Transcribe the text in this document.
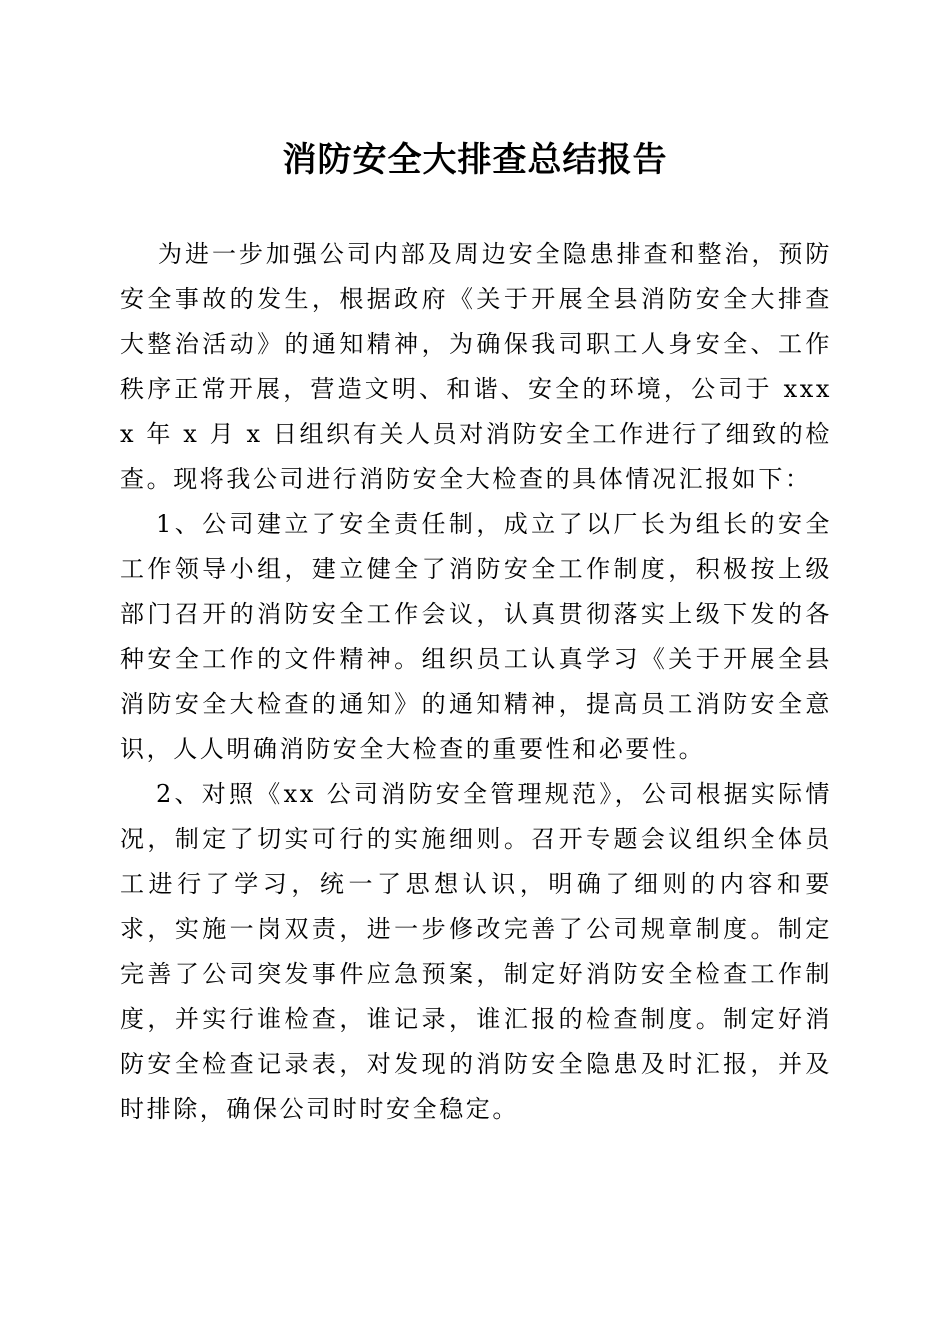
消防安全大排查总结报告

为进一步加强公司内部及周边安全隐患排查和整治，预防安全事故的发生，根据政府《关于开展全县消防安全大排查大整治活动》的通知精神，为确保我司职工人身安全、工作秩序正常开展，营造文明、和谐、安全的环境，公司于 xxxx 年 x 月 x 日组织有关人员对消防安全工作进行了细致的检查。现将我公司进行消防安全大检查的具体情况汇报如下：

1、公司建立了安全责任制，成立了以厂长为组长的安全工作领导小组，建立健全了消防安全工作制度，积极按上级部门召开的消防安全工作会议，认真贯彻落实上级下发的各种安全工作的文件精神。组织员工认真学习《关于开展全县消防安全大检查的通知》的通知精神，提高员工消防安全意识，人人明确消防安全大检查的重要性和必要性。

2、对照《xx 公司消防安全管理规范》，公司根据实际情况，制定了切实可行的实施细则。召开专题会议组织全体员工进行了学习，统一了思想认识，明确了细则的内容和要求，实施一岗双责，进一步修改完善了公司规章制度。制定完善了公司突发事件应急预案，制定好消防安全检查工作制度，并实行谁检查，谁记录，谁汇报的检查制度。制定好消防安全检查记录表，对发现的消防安全隐患及时汇报，并及时排除，确保公司时时安全稳定。
